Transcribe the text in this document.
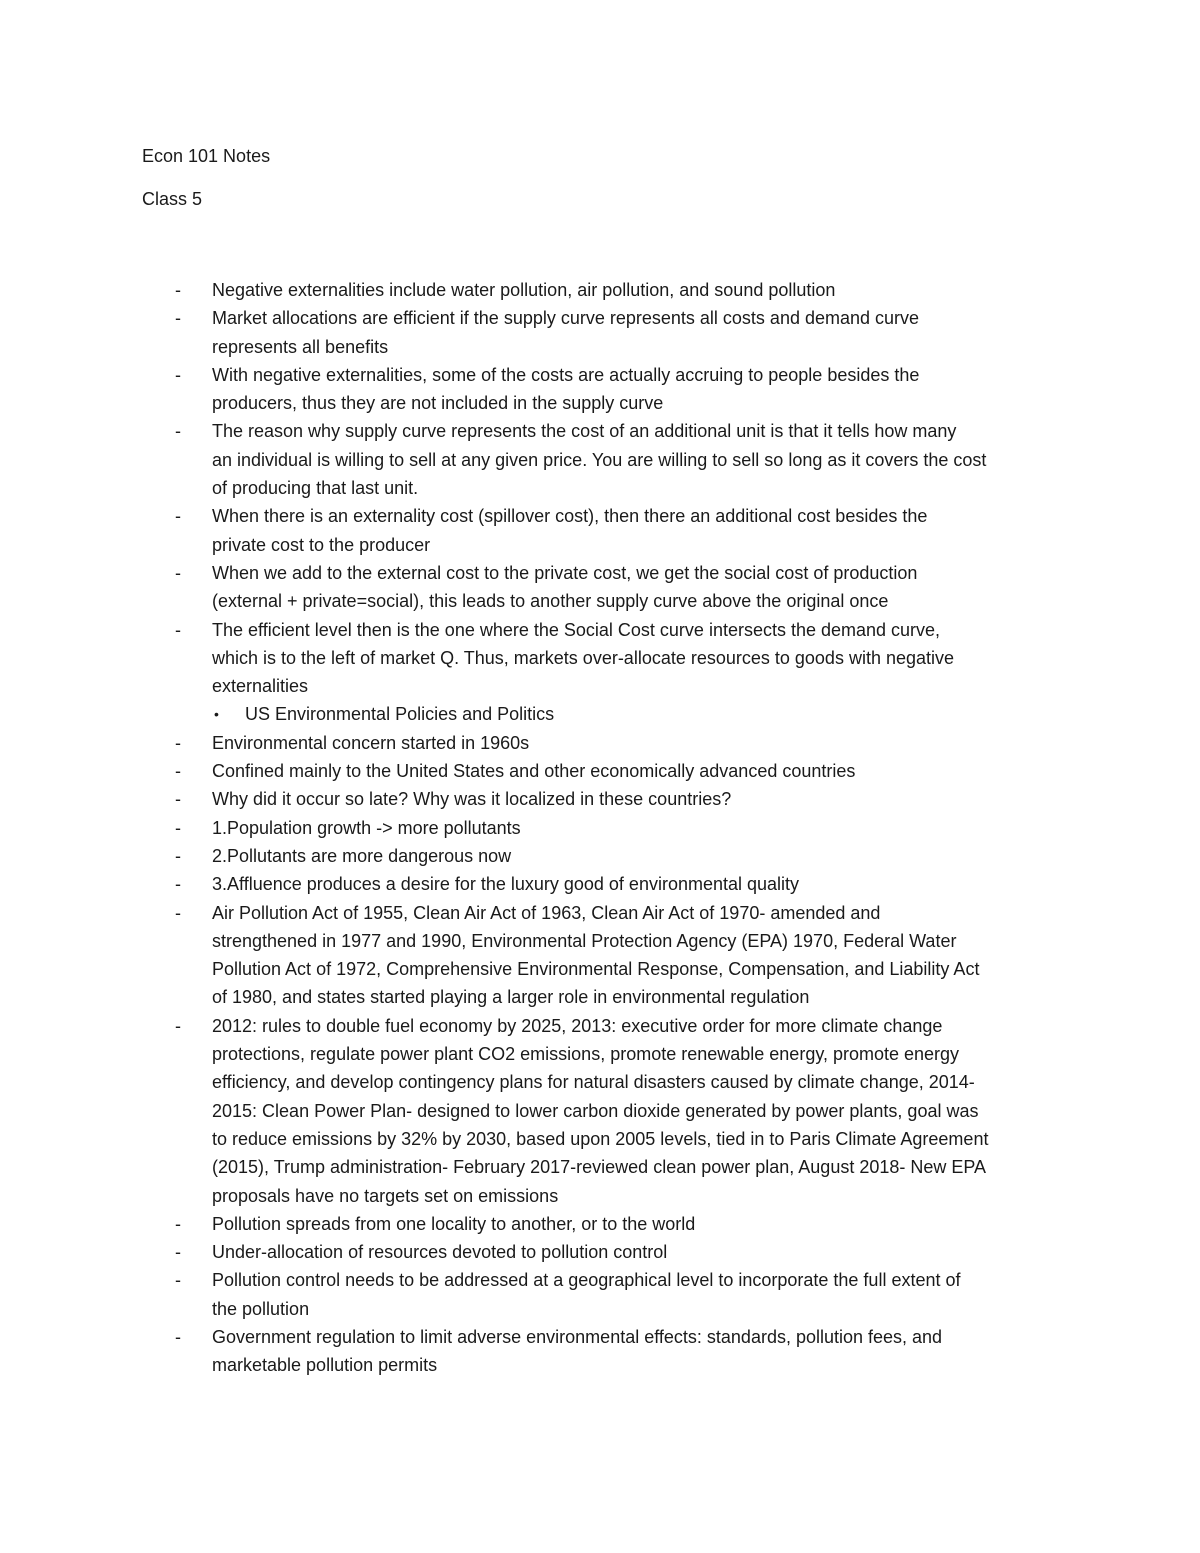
Econ 101 Notes
Class 5
-	Negative externalities include water pollution, air pollution, and sound pollution
-	Market allocations are efficient if the supply curve represents all costs and demand curve
represents all benefits
-	With negative externalities, some of the costs are actually accruing to people besides the
producers, thus they are not included in the supply curve
-	The reason why supply curve represents the cost of an additional unit is that it tells how many
an individual is willing to sell at any given price. You are willing to sell so long as it covers the cost
of producing that last unit.
-	When there is an externality cost (spillover cost), then there an additional cost besides the
private cost to the producer
-	When we add to the external cost to the private cost, we get the social cost of production
(external + private=social), this leads to another supply curve above the original once
-	The efficient level then is the one where the Social Cost curve intersects the demand curve,
which is to the left of market Q. Thus, markets over-allocate resources to goods with negative
externalities
•	US Environmental Policies and Politics
-	Environmental concern started in 1960s
-	Confined mainly to the United States and other economically advanced countries
-	Why did it occur so late? Why was it localized in these countries?
-	1.Population growth -> more pollutants
-	2.Pollutants are more dangerous now
-	3.Affluence produces a desire for the luxury good of environmental quality
-	Air Pollution Act of 1955, Clean Air Act of 1963, Clean Air Act of 1970- amended and
strengthened in 1977 and 1990, Environmental Protection Agency (EPA) 1970, Federal Water
Pollution Act of 1972, Comprehensive Environmental Response, Compensation, and Liability Act
of 1980, and states started playing a larger role in environmental regulation
-	2012: rules to double fuel economy by 2025, 2013: executive order for more climate change
protections, regulate power plant CO2 emissions, promote renewable energy, promote energy
efficiency, and develop contingency plans for natural disasters caused by climate change, 2014-
2015: Clean Power Plan- designed to lower carbon dioxide generated by power plants, goal was
to reduce emissions by 32% by 2030, based upon 2005 levels, tied in to Paris Climate Agreement
(2015), Trump administration- February 2017-reviewed clean power plan, August 2018- New EPA
proposals have no targets set on emissions
-	Pollution spreads from one locality to another, or to the world
-	Under-allocation of resources devoted to pollution control
-	Pollution control needs to be addressed at a geographical level to incorporate the full extent of
the pollution
-	Government regulation to limit adverse environmental effects: standards, pollution fees, and
marketable pollution permits
